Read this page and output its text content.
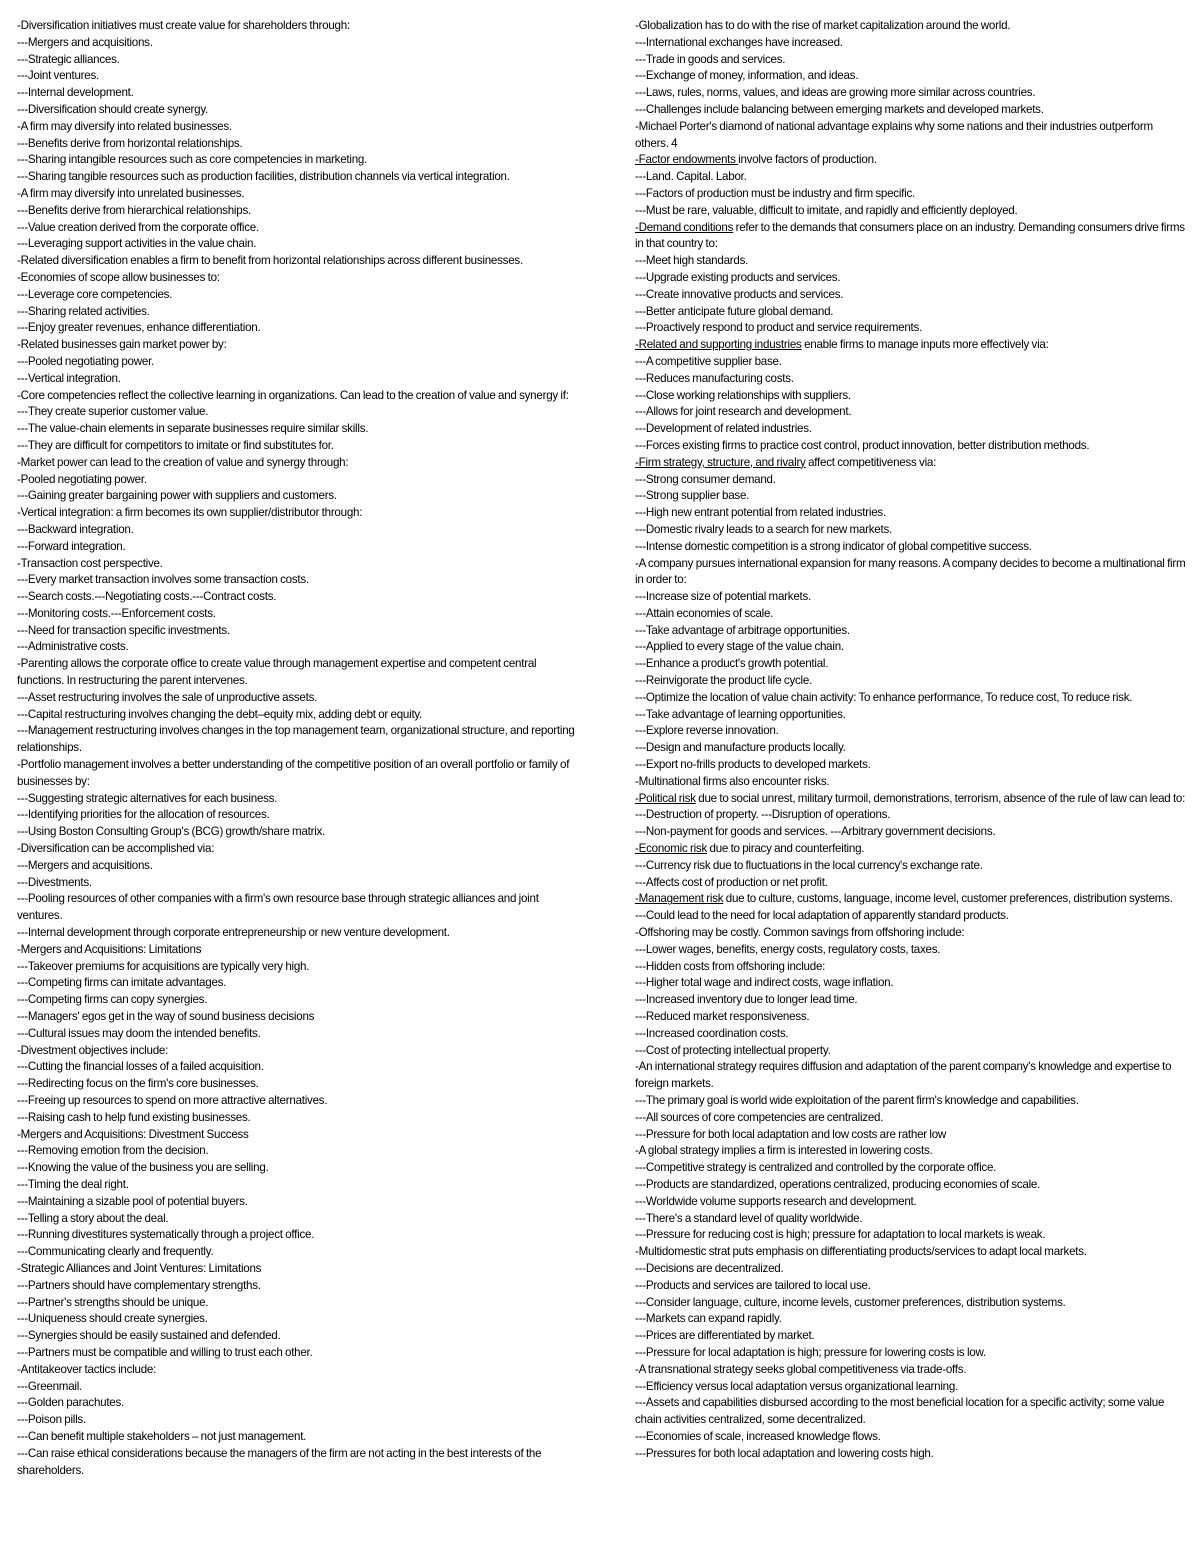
-Diversification initiatives must create value for shareholders through:
---Mergers and acquisitions.
---Strategic alliances.
---Joint ventures.
---Internal development.
---Diversification should create synergy.
-A firm may diversify into related businesses.
---Benefits derive from horizontal relationships.
---Sharing intangible resources such as core competencies in marketing.
---Sharing tangible resources such as production facilities, distribution channels via vertical integration.
-A firm may diversify into unrelated businesses.
---Benefits derive from hierarchical relationships.
---Value creation derived from the corporate office.
---Leveraging support activities in the value chain.
-Related diversification enables a firm to benefit from horizontal relationships across different businesses.
-Economies of scope allow businesses to:
---Leverage core competencies.
---Sharing related activities.
---Enjoy greater revenues, enhance differentiation.
-Related businesses gain market power by:
---Pooled negotiating power.
---Vertical integration.
-Core competencies reflect the collective learning in organizations. Can lead to the creation of value and synergy if:
---They create superior customer value.
---The value-chain elements in separate businesses require similar skills.
---They are difficult for competitors to imitate or find substitutes for.
-Market power can lead to the creation of value and synergy through:
-Pooled negotiating power.
---Gaining greater bargaining power with suppliers and customers.
-Vertical integration: a firm becomes its own supplier/distributor through:
---Backward integration.
---Forward integration.
-Transaction cost perspective.
---Every market transaction involves some transaction costs.
---Search costs.---Negotiating costs.---Contract costs.
---Monitoring costs.---Enforcement costs.
---Need for transaction specific investments.
---Administrative costs.
-Parenting allows the corporate office to create value through management expertise and competent central functions. In restructuring the parent intervenes.
---Asset restructuring involves the sale of unproductive assets.
---Capital restructuring involves changing the debt–equity mix, adding debt or equity.
---Management restructuring involves changes in the top management team, organizational structure, and reporting relationships.
-Portfolio management involves a better understanding of the competitive position of an overall portfolio or family of businesses by:
---Suggesting strategic alternatives for each business.
---Identifying priorities for the allocation of resources.
---Using Boston Consulting Group's (BCG) growth/share matrix.
-Diversification can be accomplished via:
---Mergers and acquisitions.
---Divestments.
---Pooling resources of other companies with a firm's own resource base through strategic alliances and joint ventures.
---Internal development through corporate entrepreneurship or new venture development.
-Mergers and Acquisitions: Limitations
---Takeover premiums for acquisitions are typically very high.
---Competing firms can imitate advantages.
---Competing firms can copy synergies.
---Managers' egos get in the way of sound business decisions
---Cultural issues may doom the intended benefits.
-Divestment objectives include:
---Cutting the financial losses of a failed acquisition.
---Redirecting focus on the firm's core businesses.
---Freeing up resources to spend on more attractive alternatives.
---Raising cash to help fund existing businesses.
-Mergers and Acquisitions: Divestment Success
---Removing emotion from the decision.
---Knowing the value of the business you are selling.
---Timing the deal right.
---Maintaining a sizable pool of potential buyers.
---Telling a story about the deal.
---Running divestitures systematically through a project office.
---Communicating clearly and frequently.
-Strategic Alliances and Joint Ventures: Limitations
---Partners should have complementary strengths.
---Partner's strengths should be unique.
---Uniqueness should create synergies.
---Synergies should be easily sustained and defended.
---Partners must be compatible and willing to trust each other.
-Antitakeover tactics include:
---Greenmail.
---Golden parachutes.
---Poison pills.
---Can benefit multiple stakeholders – not just management.
---Can raise ethical considerations because the managers of the firm are not acting in the best interests of the shareholders.
-Globalization has to do with the rise of market capitalization around the world.
---International exchanges have increased.
---Trade in goods and services.
---Exchange of money, information, and ideas.
---Laws, rules, norms, values, and ideas are growing more similar across countries.
---Challenges include balancing between emerging markets and developed markets.
-Michael Porter's diamond of national advantage explains why some nations and their industries outperform others. 4
-Factor endowments involve factors of production.
---Land. Capital. Labor.
---Factors of production must be industry and firm specific.
---Must be rare, valuable, difficult to imitate, and rapidly and efficiently deployed.
-Demand conditions refer to the demands that consumers place on an industry. Demanding consumers drive firms in that country to:
---Meet high standards.
---Upgrade existing products and services.
---Create innovative products and services.
---Better anticipate future global demand.
---Proactively respond to product and service requirements.
-Related and supporting industries enable firms to manage inputs more effectively via:
---A competitive supplier base.
---Reduces manufacturing costs.
---Close working relationships with suppliers.
---Allows for joint research and development.
---Development of related industries.
---Forces existing firms to practice cost control, product innovation, better distribution methods.
-Firm strategy, structure, and rivalry affect competitiveness via:
---Strong consumer demand.
---Strong supplier base.
---High new entrant potential from related industries.
---Domestic rivalry leads to a search for new markets.
---Intense domestic competition is a strong indicator of global competitive success.
-A company pursues international expansion for many reasons. A company decides to become a multinational firm in order to:
---Increase size of potential markets.
---Attain economies of scale.
---Take advantage of arbitrage opportunities.
---Applied to every stage of the value chain.
---Enhance a product's growth potential.
---Reinvigorate the product life cycle.
---Optimize the location of value chain activity: To enhance performance, To reduce cost, To reduce risk.
---Take advantage of learning opportunities.
---Explore reverse innovation.
---Design and manufacture products locally.
---Export no-frills products to developed markets.
-Multinational firms also encounter risks.
-Political risk due to social unrest, military turmoil, demonstrations, terrorism, absence of the rule of law can lead to:
---Destruction of property. ---Disruption of operations.
---Non-payment for goods and services. ---Arbitrary government decisions.
-Economic risk due to piracy and counterfeiting.
---Currency risk due to fluctuations in the local currency's exchange rate.
---Affects cost of production or net profit.
-Management risk due to culture, customs, language, income level, customer preferences, distribution systems.
---Could lead to the need for local adaptation of apparently standard products.
-Offshoring may be costly. Common savings from offshoring include:
---Lower wages, benefits, energy costs, regulatory costs, taxes.
---Hidden costs from offshoring include:
---Higher total wage and indirect costs, wage inflation.
---Increased inventory due to longer lead time.
---Reduced market responsiveness.
---Increased coordination costs.
---Cost of protecting intellectual property.
-An international strategy requires diffusion and adaptation of the parent company's knowledge and expertise to foreign markets.
---The primary goal is world wide exploitation of the parent firm's knowledge and capabilities.
---All sources of core competencies are centralized.
---Pressure for both local adaptation and low costs are rather low
-A global strategy implies a firm is interested in lowering costs.
---Competitive strategy is centralized and controlled by the corporate office.
---Products are standardized, operations centralized, producing economies of scale.
---Worldwide volume supports research and development.
---There's a standard level of quality worldwide.
---Pressure for reducing cost is high; pressure for adaptation to local markets is weak.
-Multidomestic strat puts emphasis on differentiating products/services to adapt local markets.
---Decisions are decentralized.
---Products and services are tailored to local use.
---Consider language, culture, income levels, customer preferences, distribution systems.
---Markets can expand rapidly.
---Prices are differentiated by market.
---Pressure for local adaptation is high; pressure for lowering costs is low.
-A transnational strategy seeks global competitiveness via trade-offs.
---Efficiency versus local adaptation versus organizational learning.
---Assets and capabilities disbursed according to the most beneficial location for a specific activity; some value chain activities centralized, some decentralized.
---Economies of scale, increased knowledge flows.
---Pressures for both local adaptation and lowering costs high.
